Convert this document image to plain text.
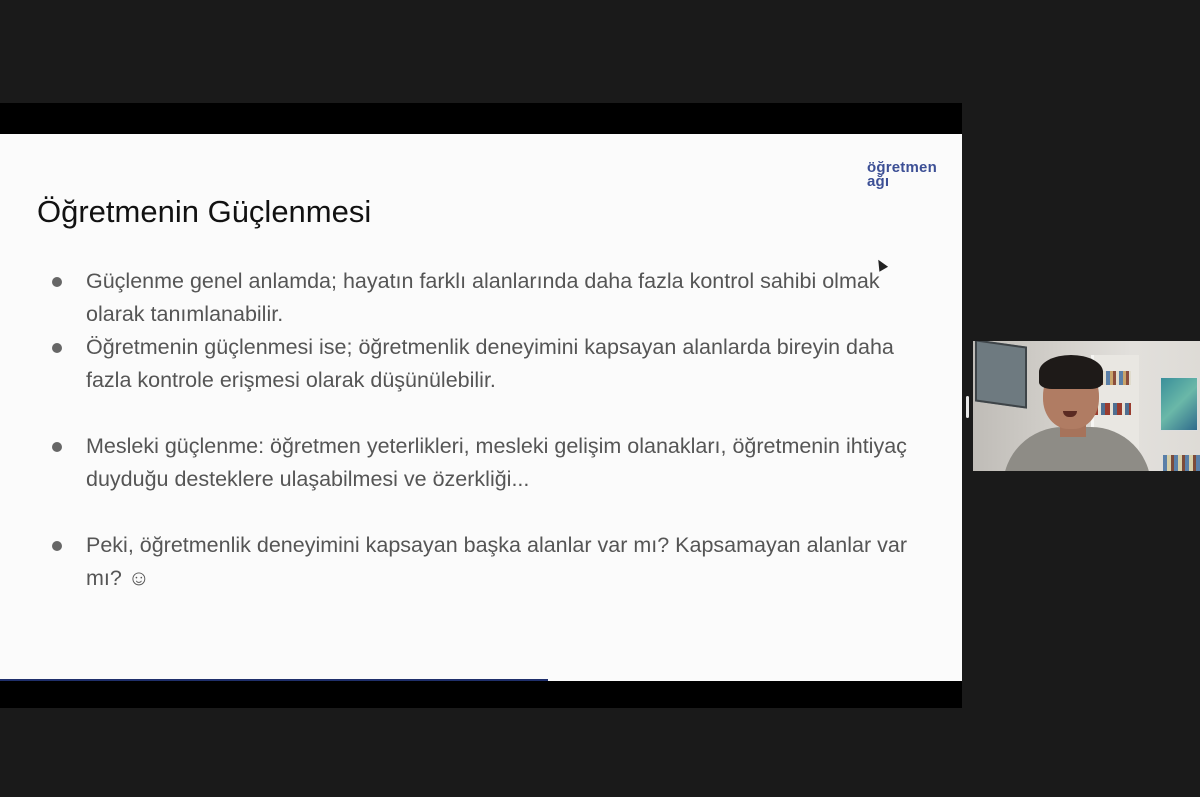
öğretmen
ağı
Öğretmenin Güçlenmesi
Güçlenme genel anlamda; hayatın farklı alanlarında daha fazla kontrol sahibi olmak olarak tanımlanabilir.
Öğretmenin güçlenmesi ise; öğretmenlik deneyimini kapsayan alanlarda bireyin daha fazla kontrole erişmesi olarak düşünülebilir.
Mesleki güçlenme: öğretmen yeterlikleri, mesleki gelişim olanakları, öğretmenin ihtiyaç duyduğu desteklere ulaşabilmesi ve özerkliği...
Peki, öğretmenlik deneyimini kapsayan başka alanlar var mı? Kapsamayan alanlar var mı? ☺
